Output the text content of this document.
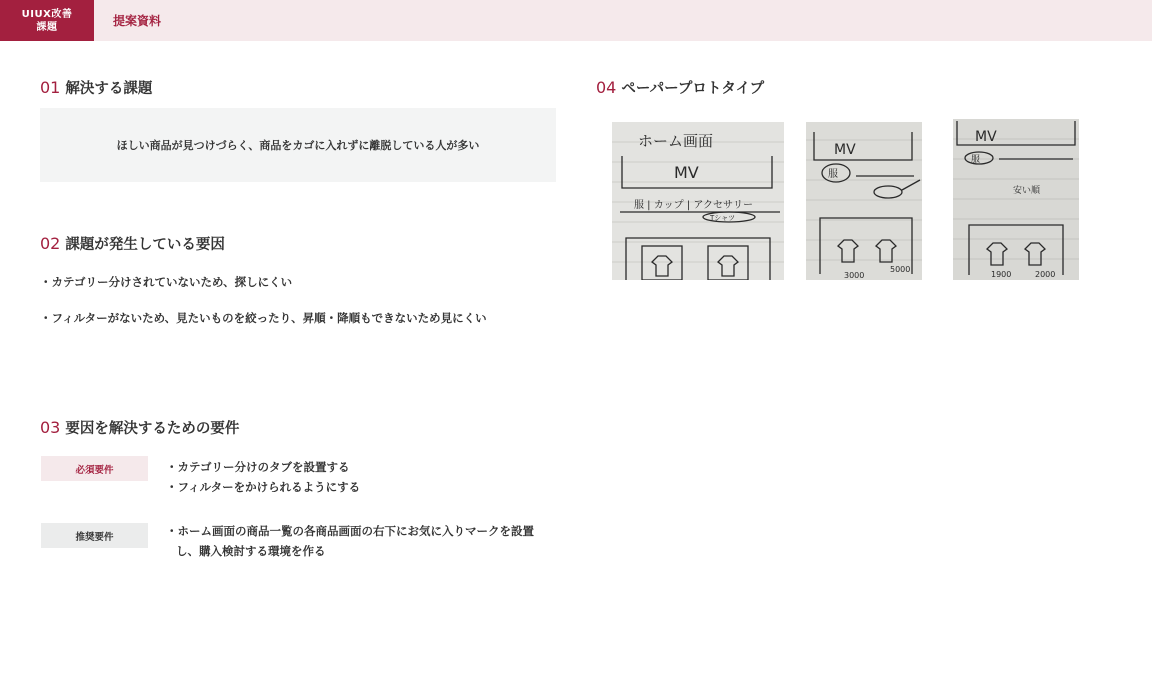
UIUX改善
課題	提案資料
01 解決する課題
ほしい商品が見つけづらく、商品をカゴに入れずに離脱している人が多い
02 課題が発生している要因
・カテゴリー分けされていないため、探しにくい
・フィルターがないため、見たいものを絞ったり、昇順・降順もできないため見にくい
03 要因を解決するための要件
必須要件	・カテゴリー分けのタブを設置する
・フィルターをかけられるようにする
推奨要件	・ホーム画面の商品一覧の各商品画面の右下にお気に入りマークを設置し、購入検討する環境を作る
04 ペーパープロトタイプ
ホーム画面
MV
服 | カップ | アクセサリー
Tシャツ
MV
服
3000
5000
MV
服
安い順
1900	2000
